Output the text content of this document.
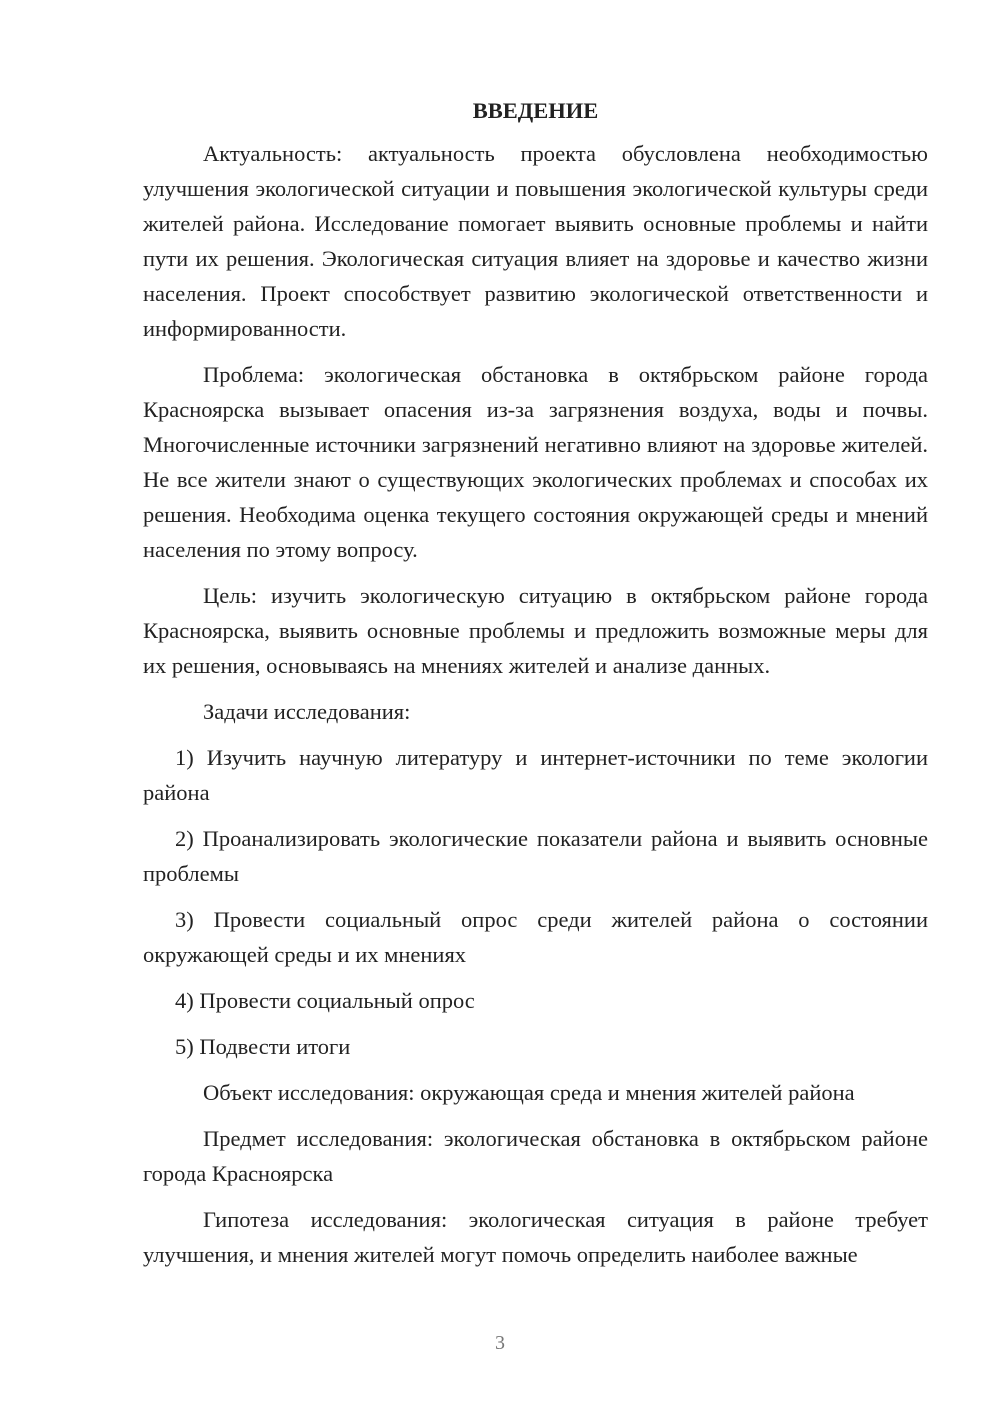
ВВЕДЕНИЕ

Актуальность: актуальность проекта обусловлена необходимостью улучшения экологической ситуации и повышения экологической культуры среди жителей района. Исследование помогает выявить основные проблемы и найти пути их решения. Экологическая ситуация влияет на здоровье и качество жизни населения. Проект способствует развитию экологической ответственности и информированности.

Проблема: экологическая обстановка в октябрьском районе города Красноярска вызывает опасения из-за загрязнения воздуха, воды и почвы. Многочисленные источники загрязнений негативно влияют на здоровье жителей. Не все жители знают о существующих экологических проблемах и способах их решения. Необходима оценка текущего состояния окружающей среды и мнений населения по этому вопросу.

Цель: изучить экологическую ситуацию в октябрьском районе города Красноярска, выявить основные проблемы и предложить возможные меры для их решения, основываясь на мнениях жителей и анализе данных.

Задачи исследования:

1) Изучить научную литературу и интернет-источники по теме экологии района

2) Проанализировать экологические показатели района и выявить основные проблемы

3) Провести социальный опрос среди жителей района о состоянии окружающей среды и их мнениях

4) Провести социальный опрос

5) Подвести итоги

Объект исследования: окружающая среда и мнения жителей района

Предмет исследования: экологическая обстановка в октябрьском районе города Красноярска

Гипотеза исследования: экологическая ситуация в районе требует улучшения, и мнения жителей могут помочь определить наиболее важные

3
